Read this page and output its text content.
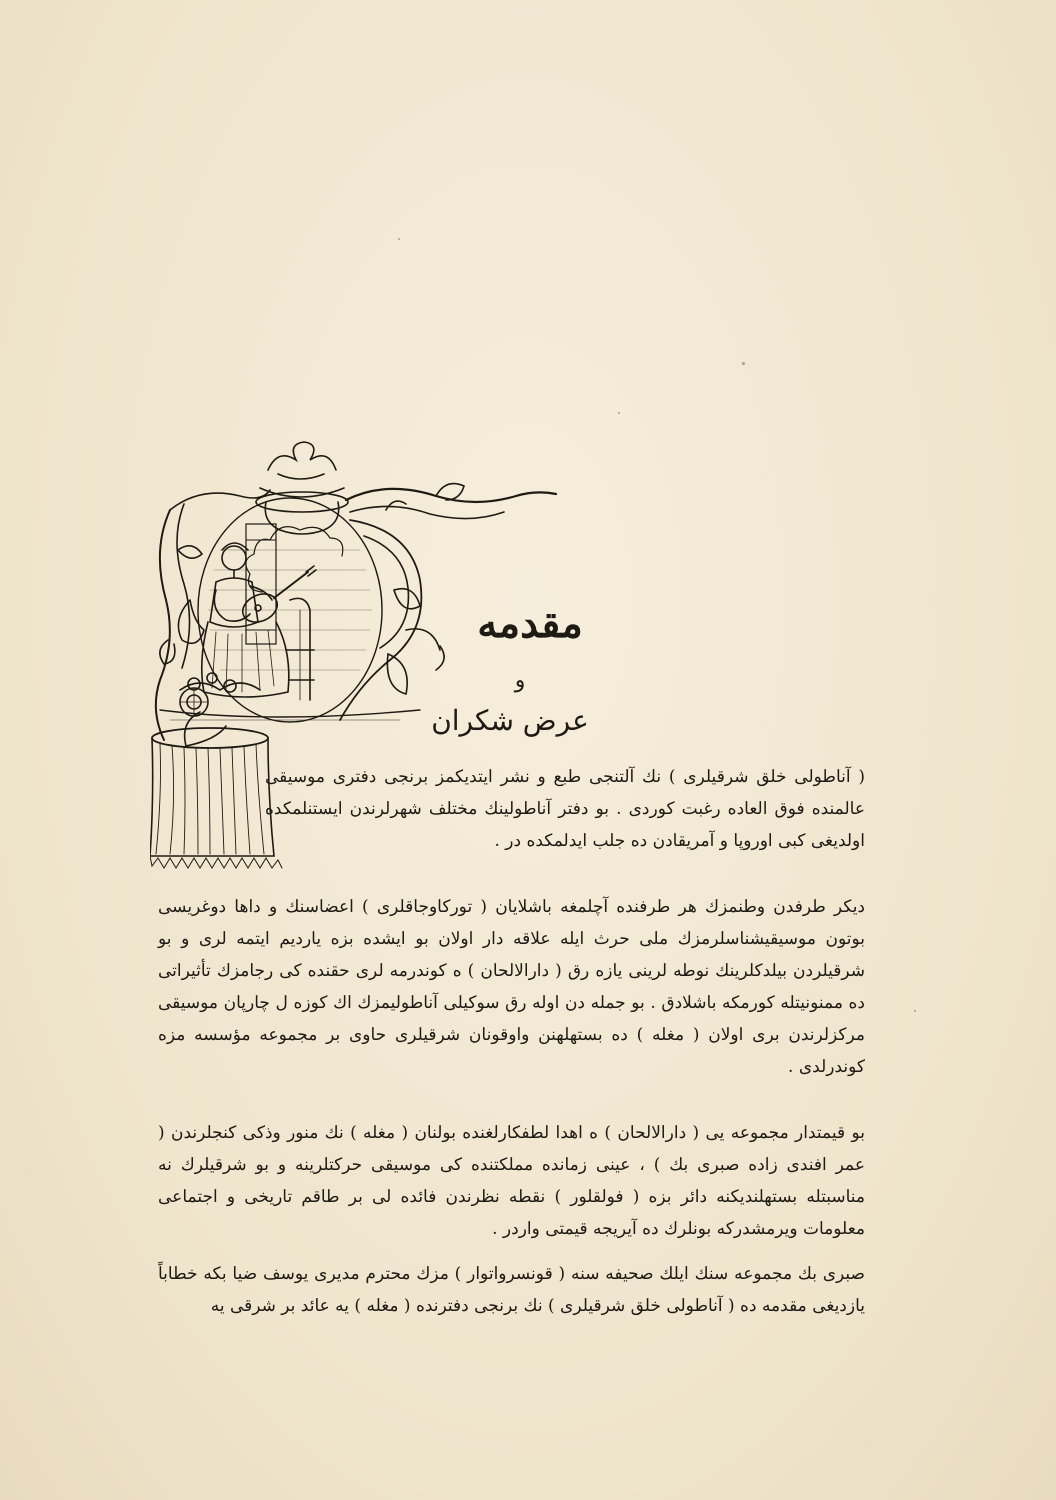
مقدمه
و
عرض شكران

( آناطولی خلق شرقیلری ) نك آلتنجی طبع و نشر ایتدیكمز برنجی دفتری موسیقی عالمنده فوق العاده رغبت كوردی . بو دفتر آناطولینك مختلف شهرلرندن ایستنلمكده اولدیغی كبی اوروپا و آمریقادن ده جلب ایدلمكده در .

دیكر طرفدن وطنمزك هر طرفنده آچلمغه باشلایان ( توركاوجاقلری ) اعضاسنك و داها دوغریسی بوتون موسیقیشناسلرمزك ملی حرث ایله علاقه دار اولان بو ایشده بزه یاردیم ایتمه لری و بو شرقیلردن بیلدكلرینك نوطه لرینی یازه رق ( دارالالحان ) ه كوندرمه لری حقنده كی رجامزك تأثیراتی ده ممنونیتله كورمكه باشلادق . بو جمله دن اوله رق سوكیلی آناطولیمزك اك كوزه ل چارپان موسیقی مركزلرندن بری اولان ( مغله ) ده بستهلهنن واوقونان شرقیلری حاوی بر مجموعه مؤسسه مزه كوندرلدی .

بو قیمتدار مجموعه یی ( دارالالحان ) ه اهدا لطفكارلغنده بولنان ( مغله ) نك منور وذكی كنجلرندن ( عمر افندی زاده صبری بك ) ، عینی زمانده مملكتنده كی موسیقی حركتلرینه و بو شرقیلرك نه مناسبتله بستهلندیكنه دائر بزه ( فولقلور ) نقطه نظرندن فائده لی بر طاقم تاریخی و اجتماعی معلومات ویرمشدركه بونلرك ده آیریجه قیمتی واردر .

صبری بك مجموعه سنك ایلك صحیفه سنه ( قونسرواتوار ) مزك محترم مدیری یوسف ضیا بكه خطاباً یازدیغی مقدمه ده ( آناطولی خلق شرقیلری ) نك برنجی دفترنده ( مغله ) یه عائد بر شرقی یه
